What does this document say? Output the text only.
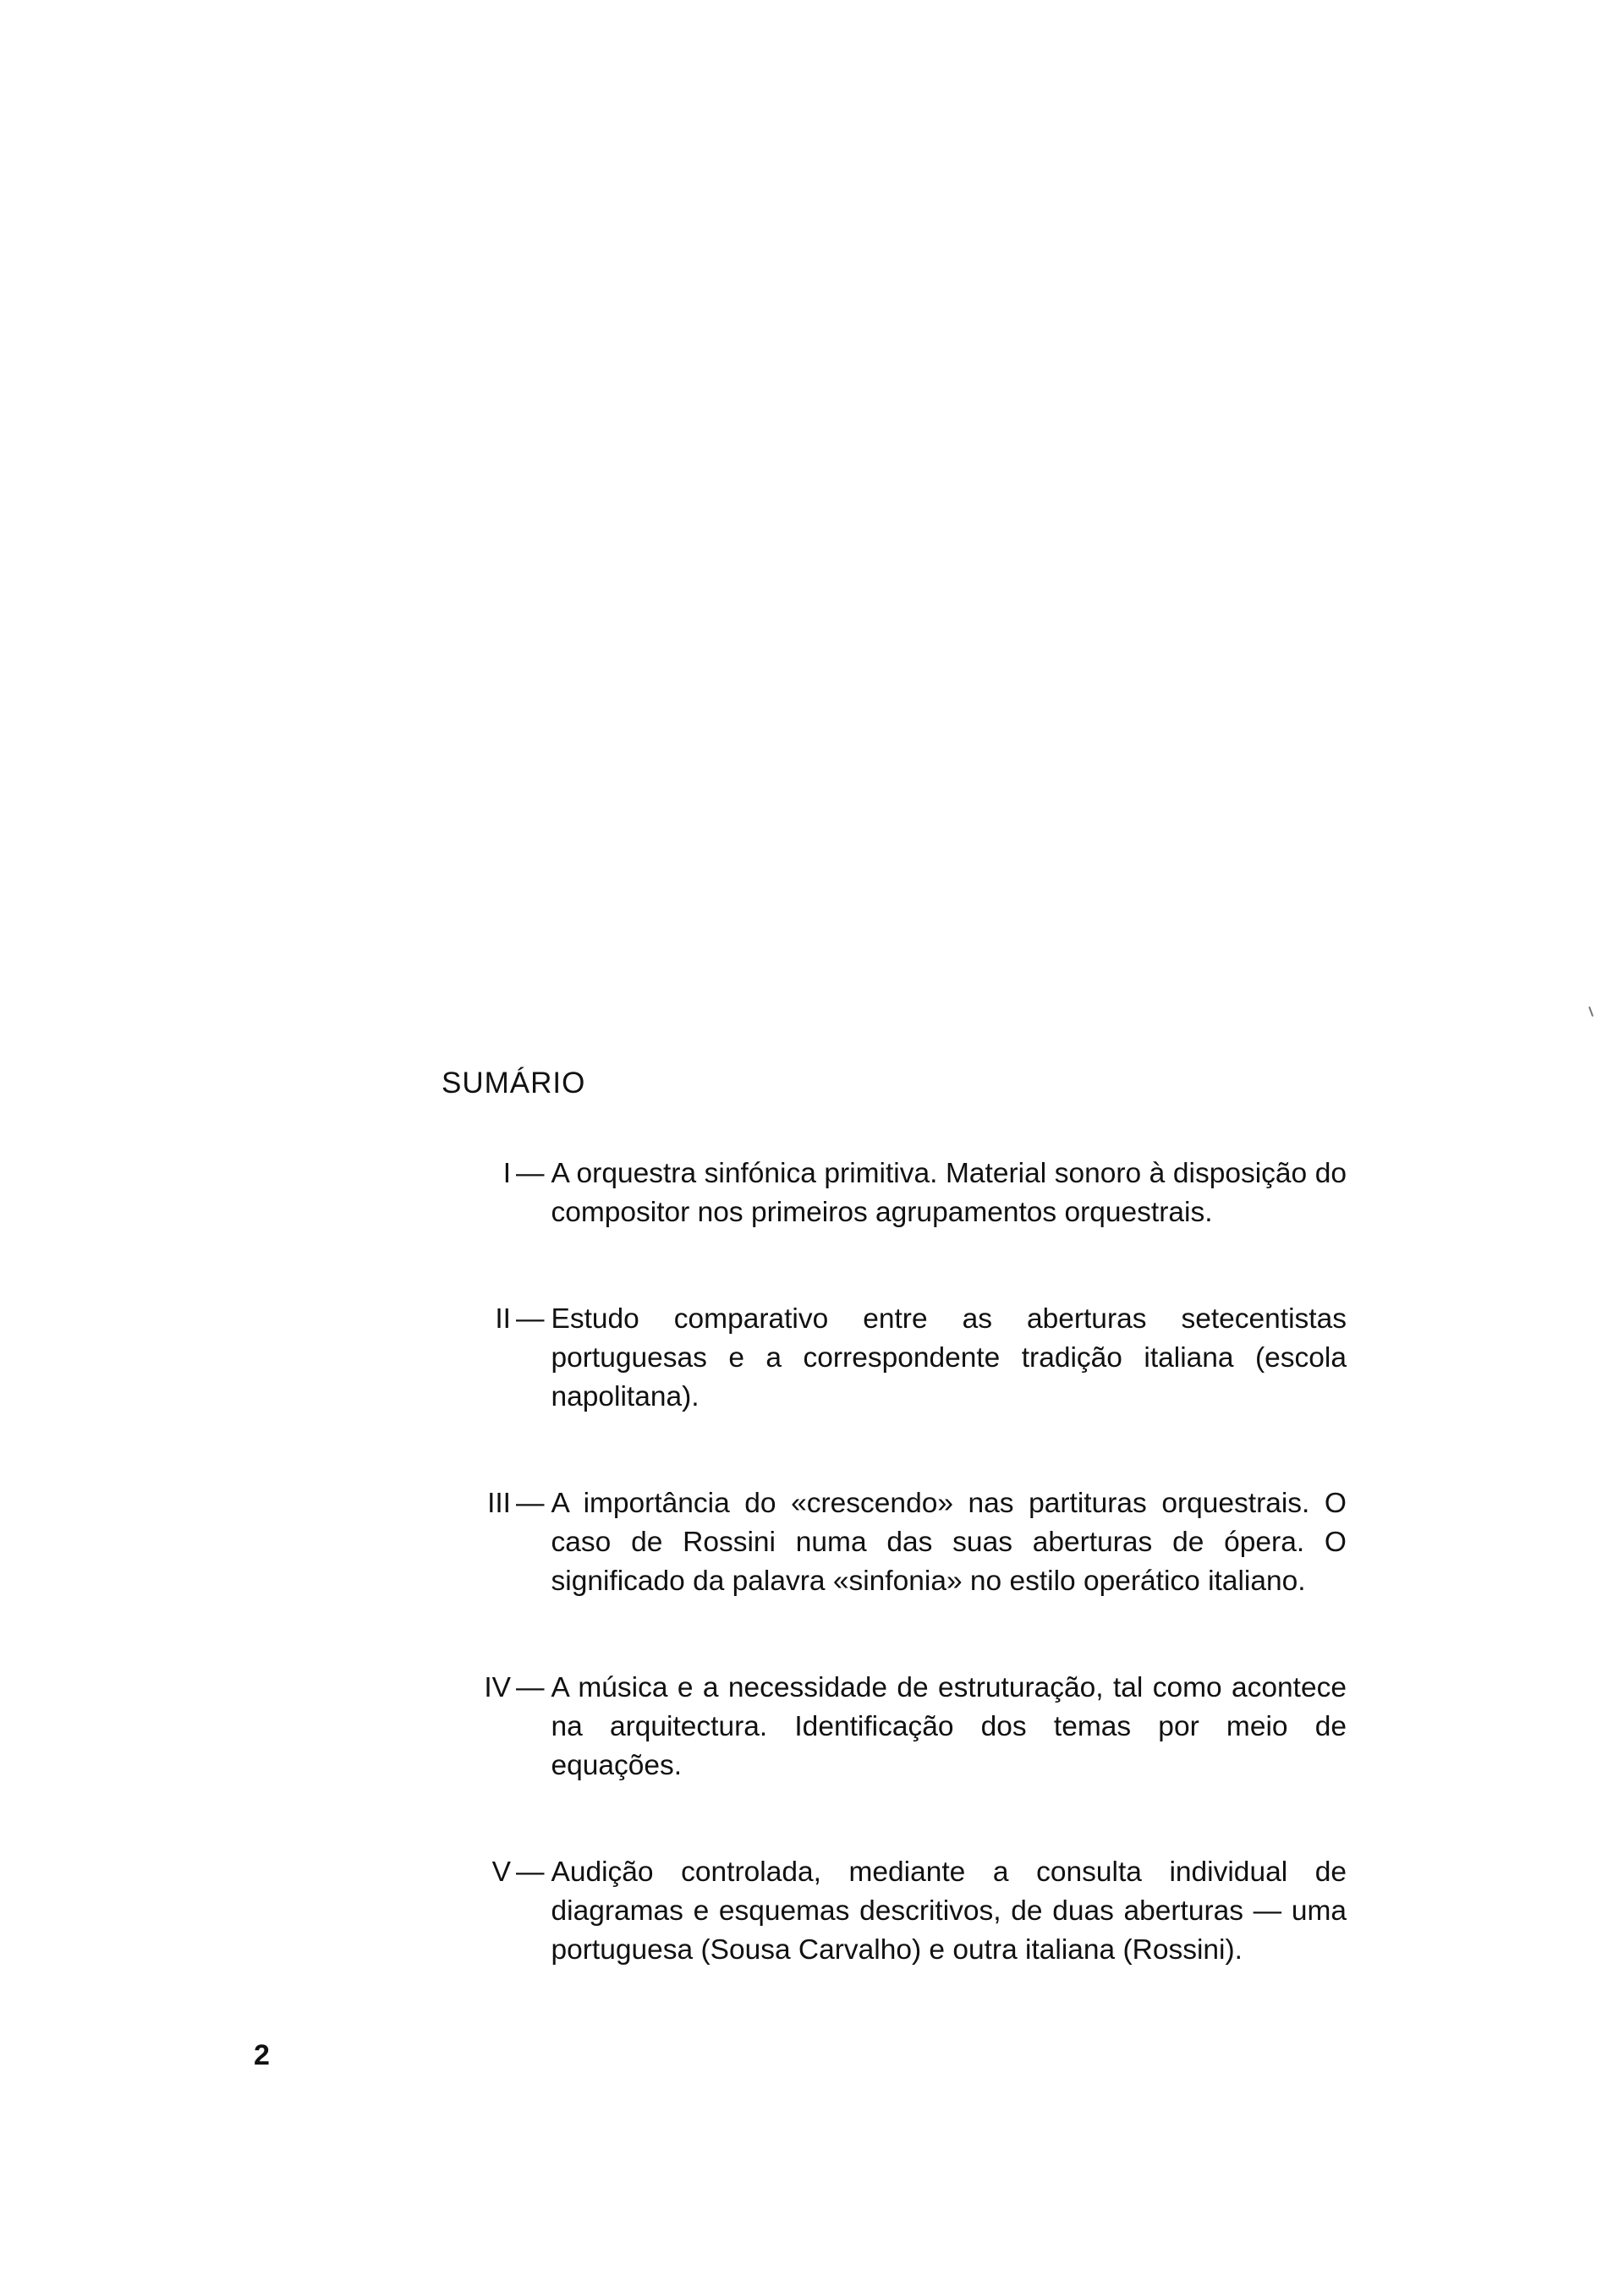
SUMÁRIO
I — A orquestra sinfónica primitiva. Material sonoro à disposição do compositor nos primeiros agrupamentos orquestrais.

II — Estudo comparativo entre as aberturas setecentistas portuguesas e a correspondente tradição italiana (escola napolitana).

III — A importância do «crescendo» nas partituras orquestrais. O caso de Rossini numa das suas aberturas de ópera. O significado da palavra «sinfonia» no estilo operático italiano.

IV — A música e a necessidade de estruturação, tal como acontece na arquitectura. Identificação dos temas por meio de equações.

V — Audição controlada, mediante a consulta individual de diagramas e esquemas descritivos, de duas aberturas — uma portuguesa (Sousa Carvalho) e outra italiana (Rossini).

2
